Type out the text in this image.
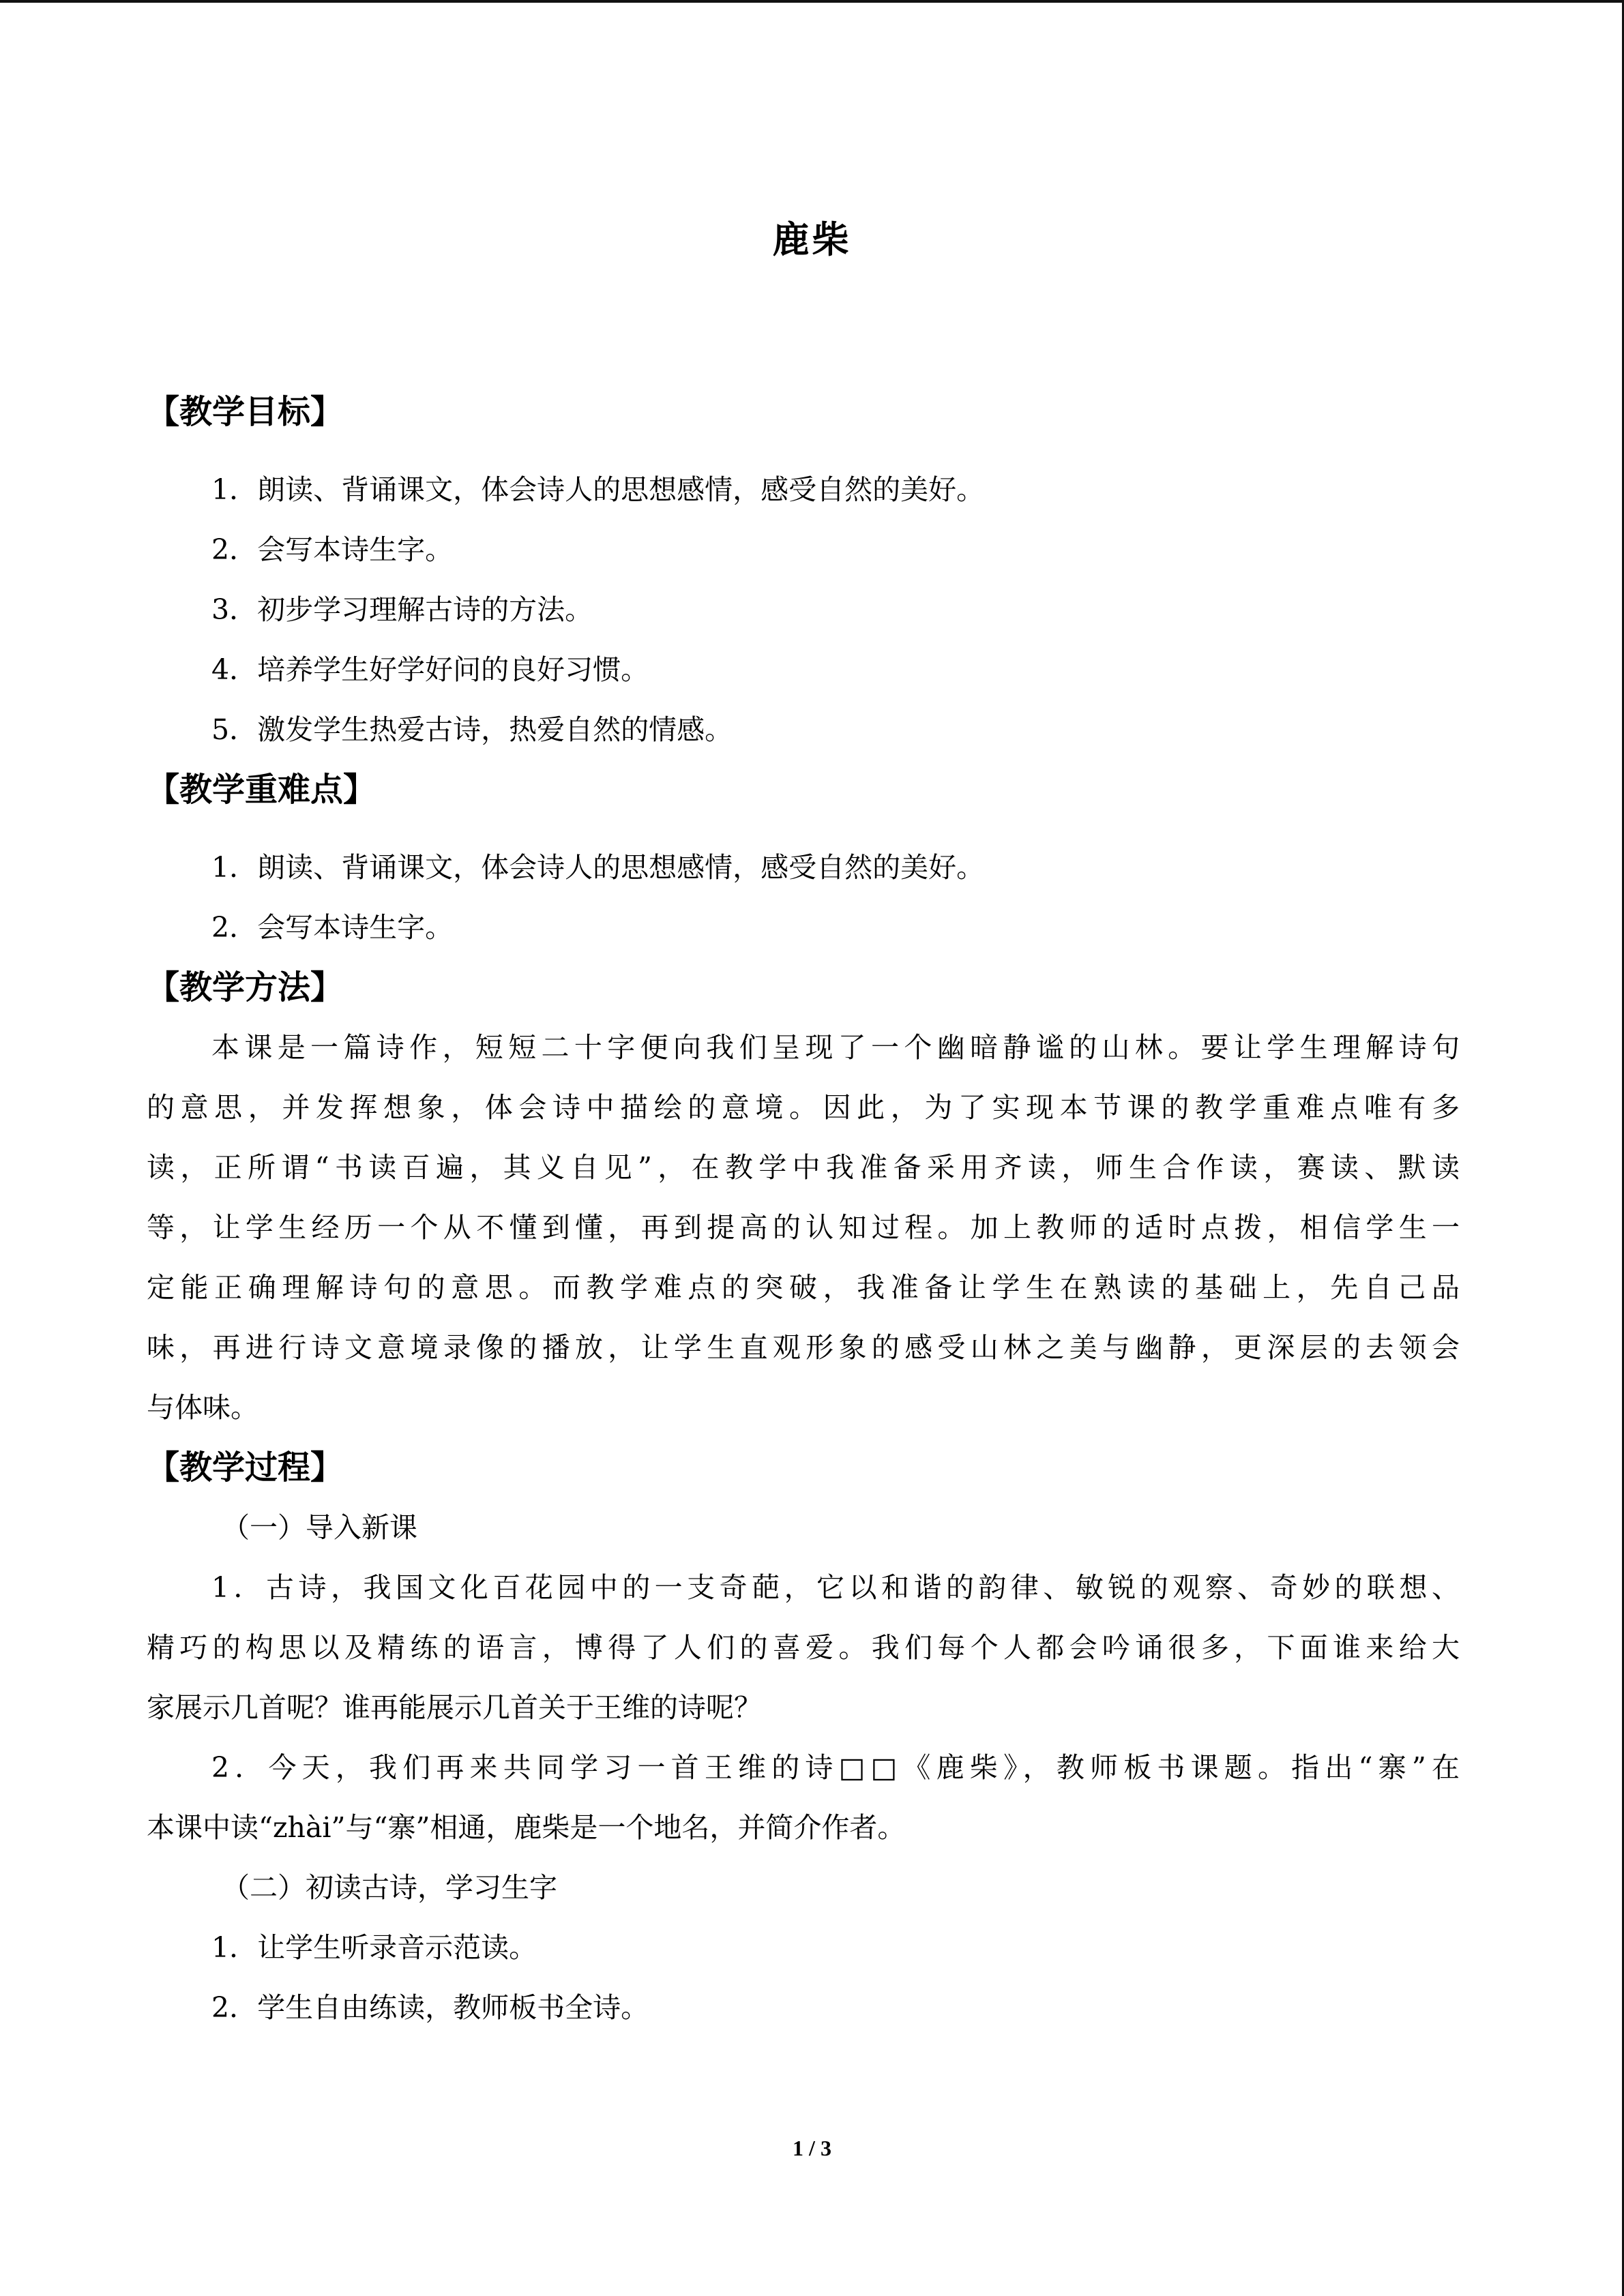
鹿柴
【教学目标】
1．朗读、背诵课文，体会诗人的思想感情，感受自然的美好。
2．会写本诗生字。
3．初步学习理解古诗的方法。
4．培养学生好学好问的良好习惯。
5．激发学生热爱古诗，热爱自然的情感。
【教学重难点】
1．朗读、背诵课文，体会诗人的思想感情，感受自然的美好。
2．会写本诗生字。
【教学方法】
本课是一篇诗作，短短二十字便向我们呈现了一个幽暗静谧的山林。要让学生理解诗句
的意思，并发挥想象，体会诗中描绘的意境。因此，为了实现本节课的教学重难点唯有多
读，正所谓“书读百遍，其义自见”，在教学中我准备采用齐读，师生合作读，赛读、默读
等，让学生经历一个从不懂到懂，再到提高的认知过程。加上教师的适时点拨，相信学生一
定能正确理解诗句的意思。而教学难点的突破，我准备让学生在熟读的基础上，先自己品
味，再进行诗文意境录像的播放，让学生直观形象的感受山林之美与幽静，更深层的去领会
与体味。
【教学过程】
（一）导入新课
1．古诗，我国文化百花园中的一支奇葩，它以和谐的韵律、敏锐的观察、奇妙的联想、
精巧的构思以及精练的语言，博得了人们的喜爱。我们每个人都会吟诵很多，下面谁来给大
家展示几首呢？谁再能展示几首关于王维的诗呢？
2．今天，我们再来共同学习一首王维的诗□□《鹿柴》，教师板书课题。指出“寨”在
本课中读“zhài”与“寨”相通，鹿柴是一个地名，并简介作者。
（二）初读古诗，学习生字
1．让学生听录音示范读。
2．学生自由练读，教师板书全诗。
1 / 3
